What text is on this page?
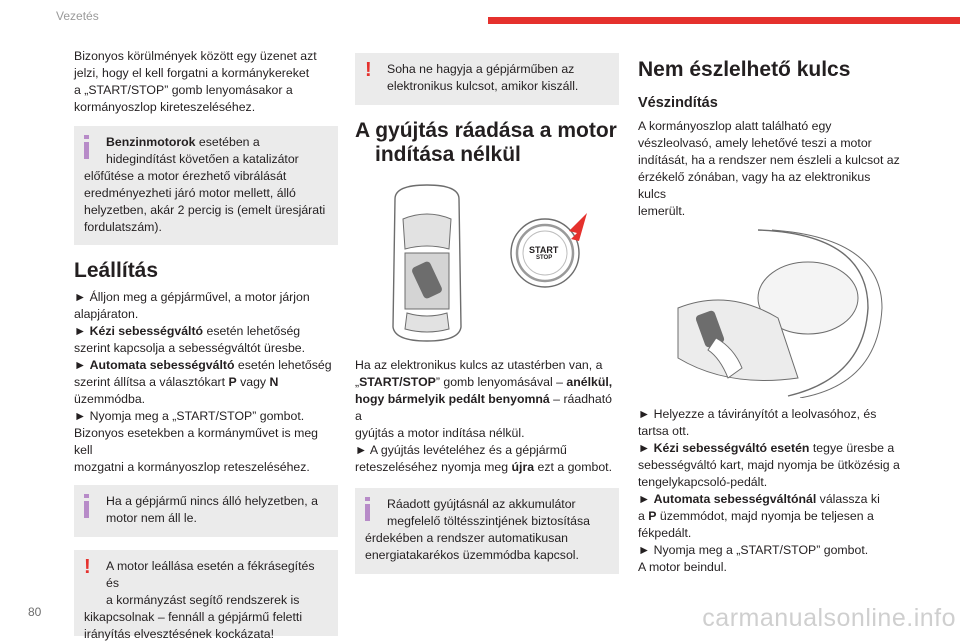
Vezetés

Bizonyos körülmények között egy üzenet azt

jelzi, hogy el kell forgatni a kormánykereket

a „START/STOP” gomb lenyomásakor a

kormányoszlop kireteszeléséhez.

Benzinmotorok esetében a
hidegindítást követően a katalizátor
előfűtése a motor érezhető vibrálását
eredményezheti járó motor mellett, álló
helyzetben, akár 2 percig is (emelt üresjárati
fordulatszám).
Leállítás

► Álljon meg a gépjárművel, a motor járjon

alapjáraton.

► Kézi sebességváltó esetén lehetőség

szerint kapcsolja a sebességváltót üresbe.

► Automata sebességváltó esetén lehetőség

szerint állítsa a választókart P vagy N

üzemmódba.

► Nyomja meg a „START/STOP” gombot.

Bizonyos esetekben a kormányművet is meg kell

mozgatni a kormányoszlop reteszeléséhez.

Ha a gépjármű nincs álló helyzetben, a
motor nem áll le.
!	A motor leállása esetén a fékrásegítés és
a kormányzást segítő rendszerek is
kikapcsolnak – fennáll a gépjármű feletti
irányítás elvesztésének kockázata!
!	Soha ne hagyja a gépjárműben az
elektronikus kulcsot, amikor kiszáll.
A gyújtás ráadása a motor
indítása nélkül
START
STOP

Ha az elektronikus kulcs az utastérben van, a

„START/STOP” gomb lenyomásával – anélkül,

hogy bármelyik pedált benyomná – ráadható a

gyújtás a motor indítása nélkül.

► A gyújtás levételéhez és a gépjármű

reteszeléséhez nyomja meg újra ezt a gombot.

Ráadott gyújtásnál az akkumulátor
megfelelő töltésszintjének biztosítása
érdekében a rendszer automatikusan
energiatakarékos üzemmódba kapcsol.
Nem észlelhető kulcs
Vészindítás

A kormányoszlop alatt található egy

vészleolvasó, amely lehetővé teszi a motor

indítását, ha a rendszer nem észleli a kulcsot az

érzékelő zónában, vagy ha az elektronikus kulcs

lemerült.

► Helyezze a távirányítót a leolvasóhoz, és

tartsa ott.

► Kézi sebességváltó esetén tegye üresbe a

sebességváltó kart, majd nyomja be ütközésig a

tengelykapcsoló-pedált.

► Automata sebességváltónál válassza ki

a P üzemmódot, majd nyomja be teljesen a

fékpedált.

► Nyomja meg a „START/STOP” gombot.

A motor beindul.

80	carmanualsonline.info
